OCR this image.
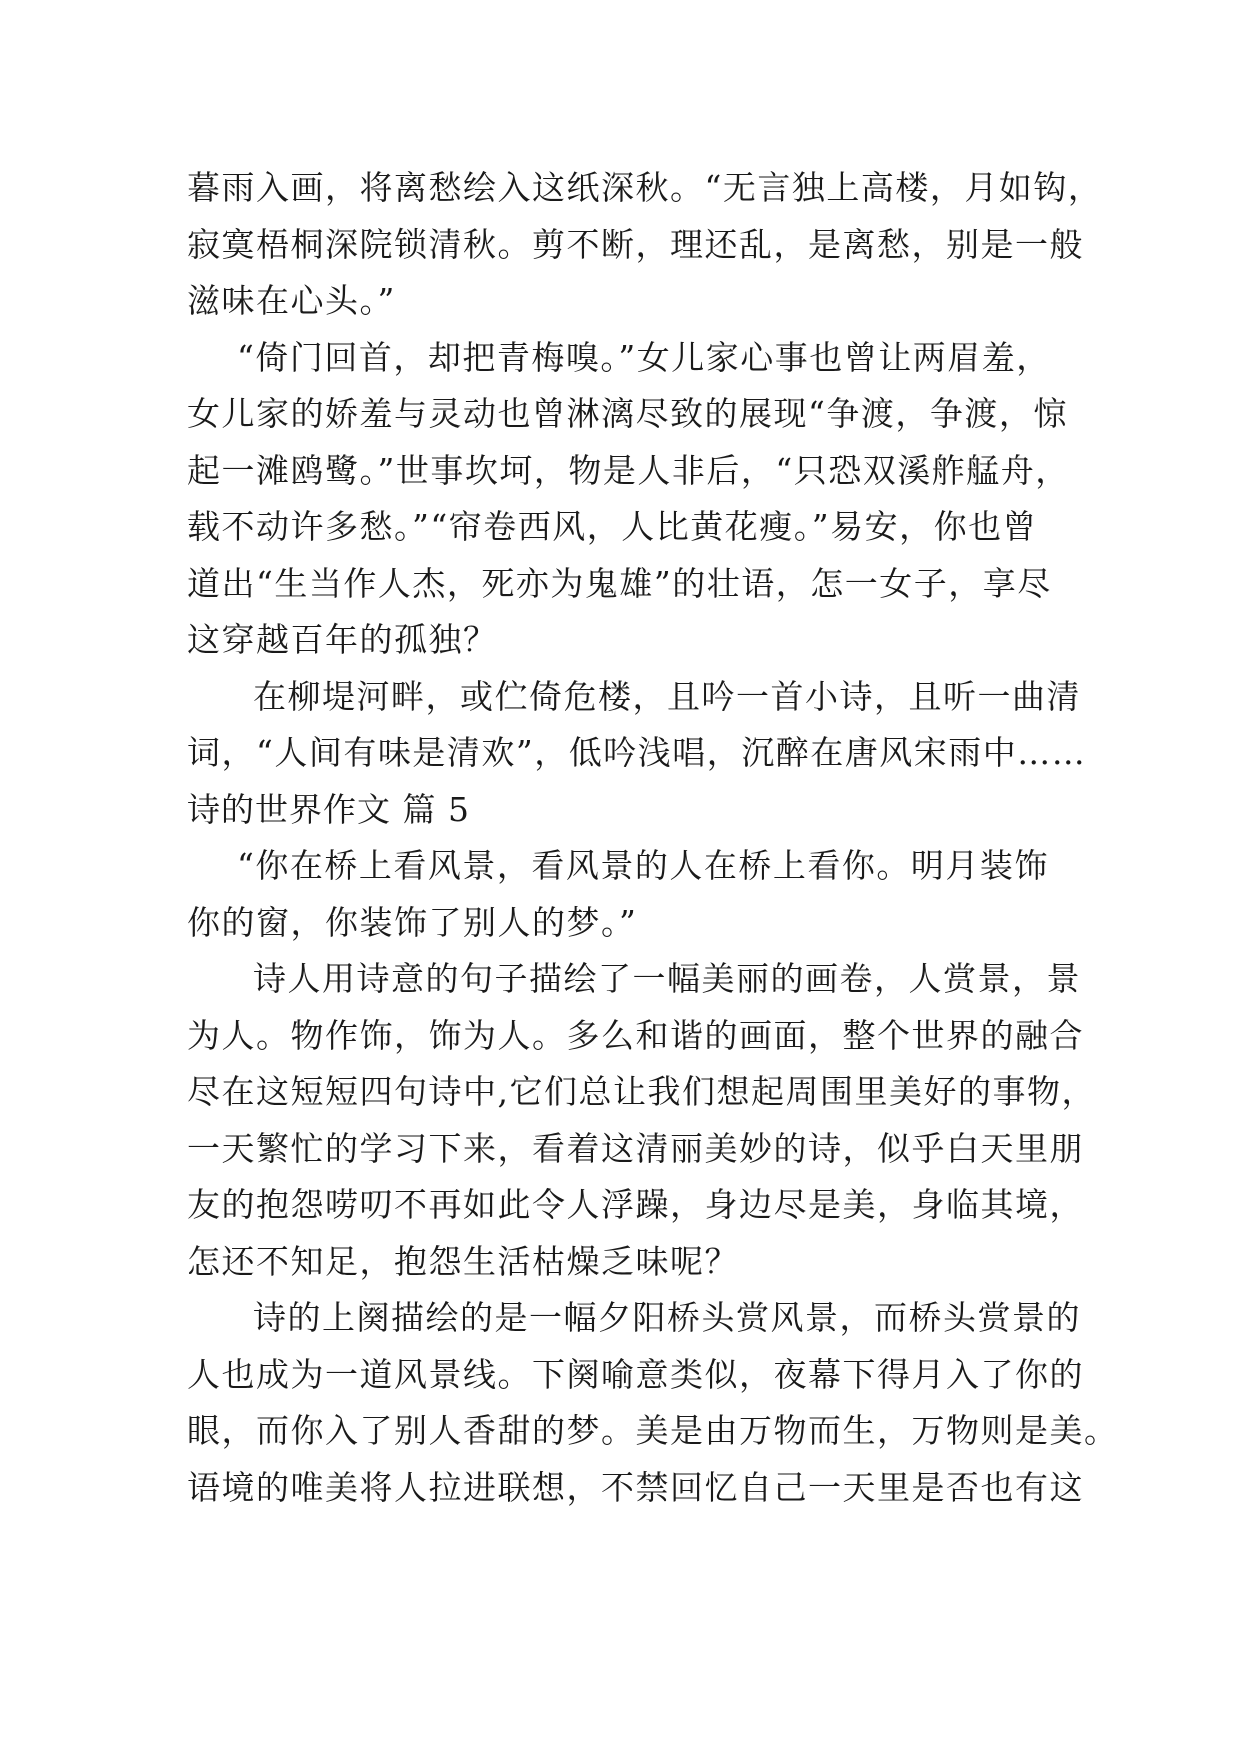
暮雨入画，将离愁绘入这纸深秋。“无言独上高楼，月如钩，
寂寞梧桐深院锁清秋。剪不断，理还乱，是离愁，别是一般
滋味在心头。”
“倚门回首，却把青梅嗅。”女儿家心事也曾让两眉羞，
女儿家的娇羞与灵动也曾淋漓尽致的展现“争渡，争渡，惊
起一滩鸥鹭。”世事坎坷，物是人非后，“只恐双溪舴艋舟，
载不动许多愁。”“帘卷西风，人比黄花瘦。”易安，你也曾
道出“生当作人杰，死亦为鬼雄”的壮语，怎一女子，享尽
这穿越百年的孤独？
在柳堤河畔，或伫倚危楼，且吟一首小诗，且听一曲清
词，“人间有味是清欢”，低吟浅唱，沉醉在唐风宋雨中……
诗的世界作文 篇 5
“你在桥上看风景，看风景的人在桥上看你。明月装饰
你的窗，你装饰了别人的梦。”
诗人用诗意的句子描绘了一幅美丽的画卷，人赏景，景
为人。物作饰，饰为人。多么和谐的画面，整个世界的融合
尽在这短短四句诗中,它们总让我们想起周围里美好的事物，
一天繁忙的学习下来，看着这清丽美妙的诗，似乎白天里朋
友的抱怨唠叨不再如此令人浮躁，身边尽是美，身临其境，
怎还不知足，抱怨生活枯燥乏味呢？
诗的上阕描绘的是一幅夕阳桥头赏风景，而桥头赏景的
人也成为一道风景线。下阕喻意类似，夜幕下得月入了你的
眼，而你入了别人香甜的梦。美是由万物而生，万物则是美。
语境的唯美将人拉进联想，不禁回忆自己一天里是否也有这
